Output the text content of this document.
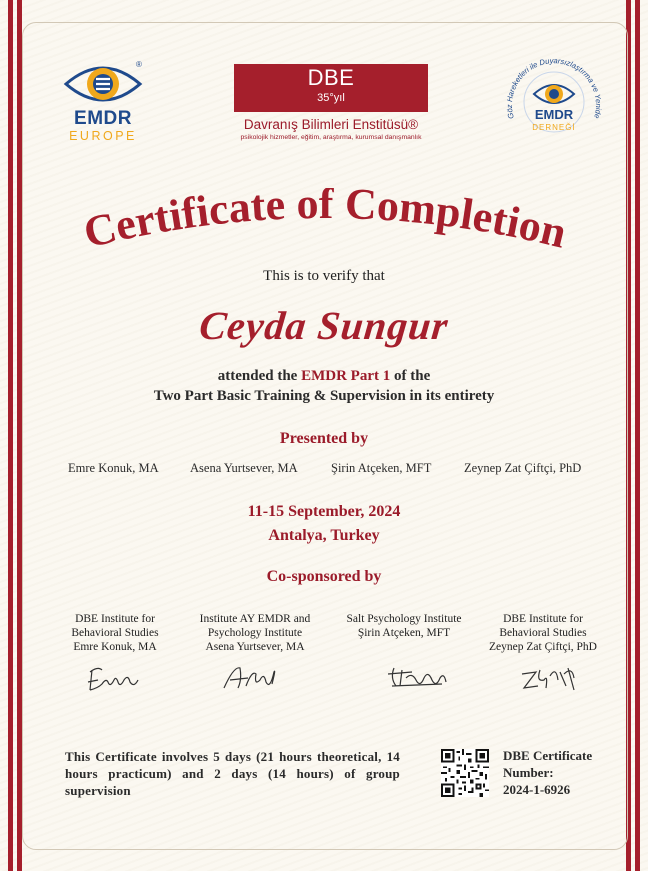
®
EMDR
EUROPE
DBE
35°yıl
Davranış Bilimleri Enstitüsü®
psikolojik hizmetler, eğitim, araştırma, kurumsal danışmanlık
Göz Hareketleri ile Duyarsızlaştırma ve Yenide
EMDR
DERNEĞİ
Certificate of Completion
This is to verify that
Ceyda Sungur
attended the EMDR Part 1 of the
Two Part Basic Training & Supervision in its entirety
Presented by
Emre Konuk, MA	Asena Yurtsever, MA	Şirin Atçeken, MFT	Zeynep Zat Çiftçi, PhD
11-15 September, 2024
Antalya, Turkey
Co-sponsored by
DBE Institute for
Behavioral Studies
Emre Konuk, MA
Institute AY EMDR and
Psychology Institute
Asena Yurtsever, MA
Salt Psychology Institute
Şirin Atçeken, MFT
DBE Institute for
Behavioral Studies
Zeynep Zat Çiftçi, PhD
This Certificate involves 5 days (21 hours theoretical, 14 hours practicum) and 2 days (14 hours) of group supervision
DBE Certificate Number:
2024-1-6926
